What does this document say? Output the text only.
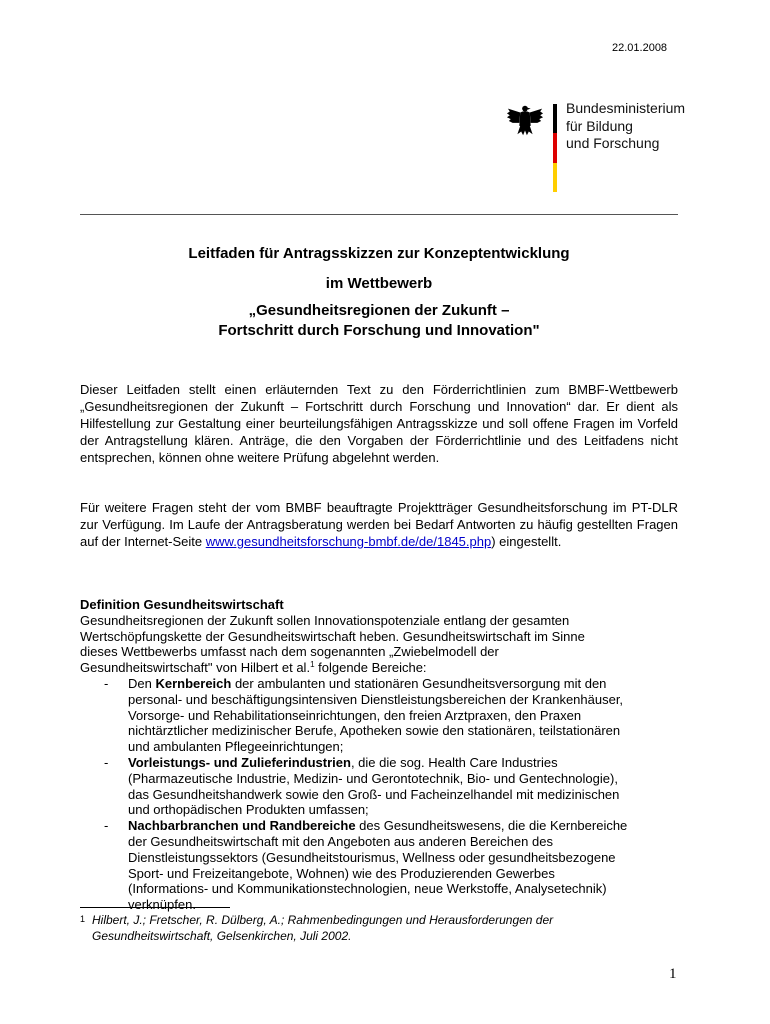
22.01.2008
Bundesministerium
für Bildung
und Forschung
Leitfaden für Antragsskizzen zur Konzeptentwicklung
im Wettbewerb
„Gesundheitsregionen der Zukunft –
Fortschritt durch Forschung und Innovation"
Dieser Leitfaden stellt einen erläuternden Text zu den Förderrichtlinien zum BMBF-Wettbewerb „Gesundheitsregionen der Zukunft – Fortschritt durch Forschung und Innovation“ dar. Er dient als Hilfestellung zur Gestaltung einer beurteilungsfähigen Antragsskizze und soll offene Fragen im Vorfeld der Antragstellung klären. Anträge, die den Vorgaben der Förderrichtlinie und des Leitfadens nicht entsprechen, können ohne weitere Prüfung abgelehnt werden.
Für weitere Fragen steht der vom BMBF beauftragte Projektträger Gesundheitsforschung im PT-DLR zur Verfügung. Im Laufe der Antragsberatung werden bei Bedarf Antworten zu häufig gestellten Fragen auf der Internet-Seite www.gesundheitsforschung-bmbf.de/de/1845.php) eingestellt.
Definition Gesundheitswirtschaft
Gesundheitsregionen der Zukunft sollen Innovationspotenziale entlang der gesamten
Wertschöpfungskette der Gesundheitswirtschaft heben. Gesundheitswirtschaft im Sinne
dieses Wettbewerbs umfasst nach dem sogenannten „Zwiebelmodell der
Gesundheitswirtschaft" von Hilbert et al.$^1$ folgende Bereiche:
- Den Kernbereich der ambulanten und stationären Gesundheitsversorgung mit den
personal- und beschäftigungsintensiven Dienstleistungsbereichen der Krankenhäuser,
Vorsorge- und Rehabilitationseinrichtungen, den freien Arztpraxen, den Praxen
nichtärztlicher medizinischer Berufe, Apotheken sowie den stationären, teilstationären
und ambulanten Pflegeeinrichtungen;
- Vorleistungs- und Zulieferindustrien, die die sog. Health Care Industries
(Pharmazeutische Industrie, Medizin- und Gerontotechnik, Bio- und Gentechnologie),
das Gesundheitshandwerk sowie den Groß- und Facheinzelhandel mit medizinischen
und orthopädischen Produkten umfassen;
- Nachbarbranchen und Randbereiche des Gesundheitswesens, die die Kernbereiche
der Gesundheitswirtschaft mit den Angeboten aus anderen Bereichen des
Dienstleistungssektors (Gesundheitstourismus, Wellness oder gesundheitsbezogene
Sport- und Freizeitangebote, Wohnen) wie des Produzierenden Gewerbes
(Informations- und Kommunikationstechnologien, neue Werkstoffe, Analysetechnik)
verknüpfen.
1 Hilbert, J.; Fretscher, R. Dülberg, A.; Rahmenbedingungen und Herausforderungen der
Gesundheitswirtschaft, Gelsenkirchen, Juli 2002.
1
